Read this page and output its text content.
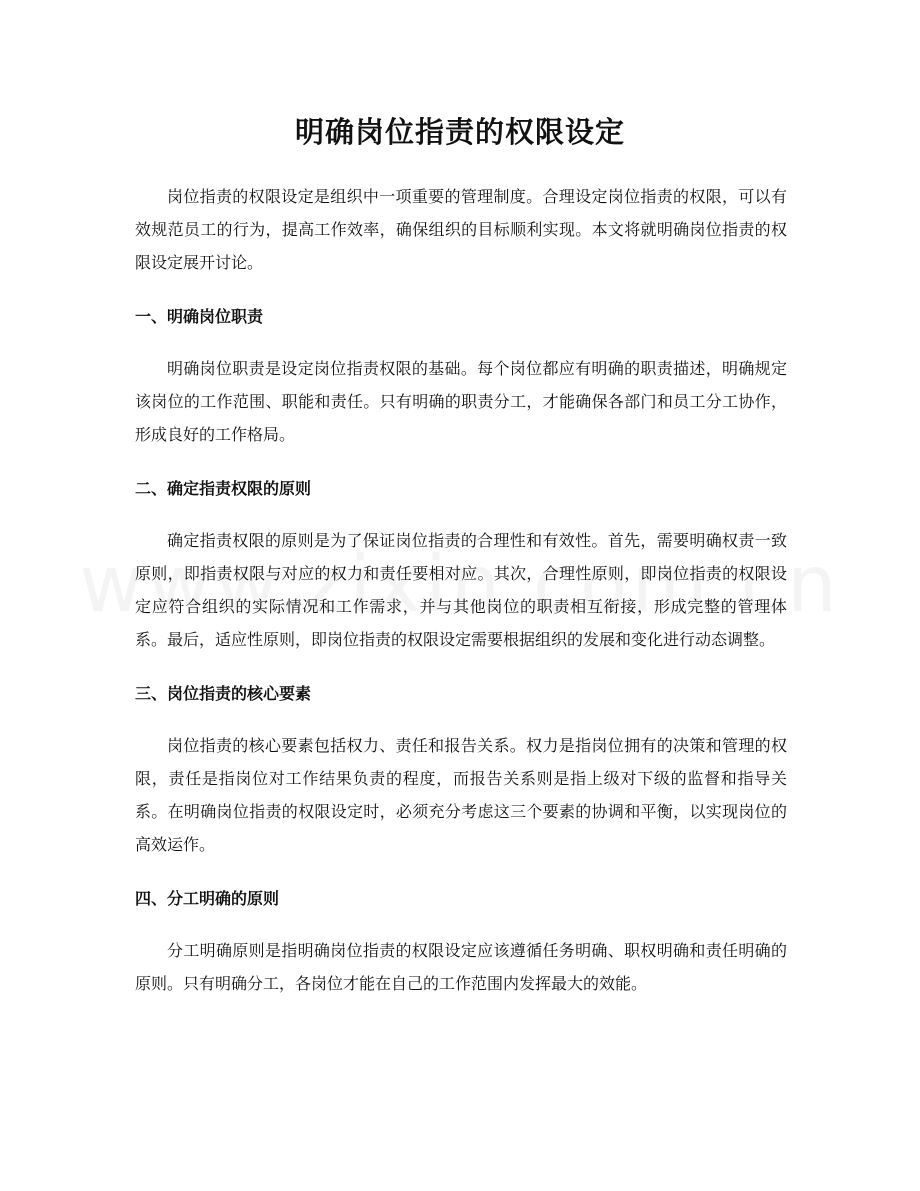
明确岗位指责的权限设定

岗位指责的权限设定是组织中一项重要的管理制度。合理设定岗位指责的权限，可以有效规范员工的行为，提高工作效率，确保组织的目标顺利实现。本文将就明确岗位指责的权限设定展开讨论。

一、明确岗位职责

明确岗位职责是设定岗位指责权限的基础。每个岗位都应有明确的职责描述，明确规定该岗位的工作范围、职能和责任。只有明确的职责分工，才能确保各部门和员工分工协作，形成良好的工作格局。

二、确定指责权限的原则

确定指责权限的原则是为了保证岗位指责的合理性和有效性。首先，需要明确权责一致原则，即指责权限与对应的权力和责任要相对应。其次，合理性原则，即岗位指责的权限设定应符合组织的实际情况和工作需求，并与其他岗位的职责相互衔接，形成完整的管理体系。最后，适应性原则，即岗位指责的权限设定需要根据组织的发展和变化进行动态调整。

三、岗位指责的核心要素

岗位指责的核心要素包括权力、责任和报告关系。权力是指岗位拥有的决策和管理的权限，责任是指岗位对工作结果负责的程度，而报告关系则是指上级对下级的监督和指导关系。在明确岗位指责的权限设定时，必须充分考虑这三个要素的协调和平衡，以实现岗位的高效运作。

四、分工明确的原则

分工明确原则是指明确岗位指责的权限设定应该遵循任务明确、职权明确和责任明确的原则。只有明确分工，各岗位才能在自己的工作范围内发挥最大的效能。
